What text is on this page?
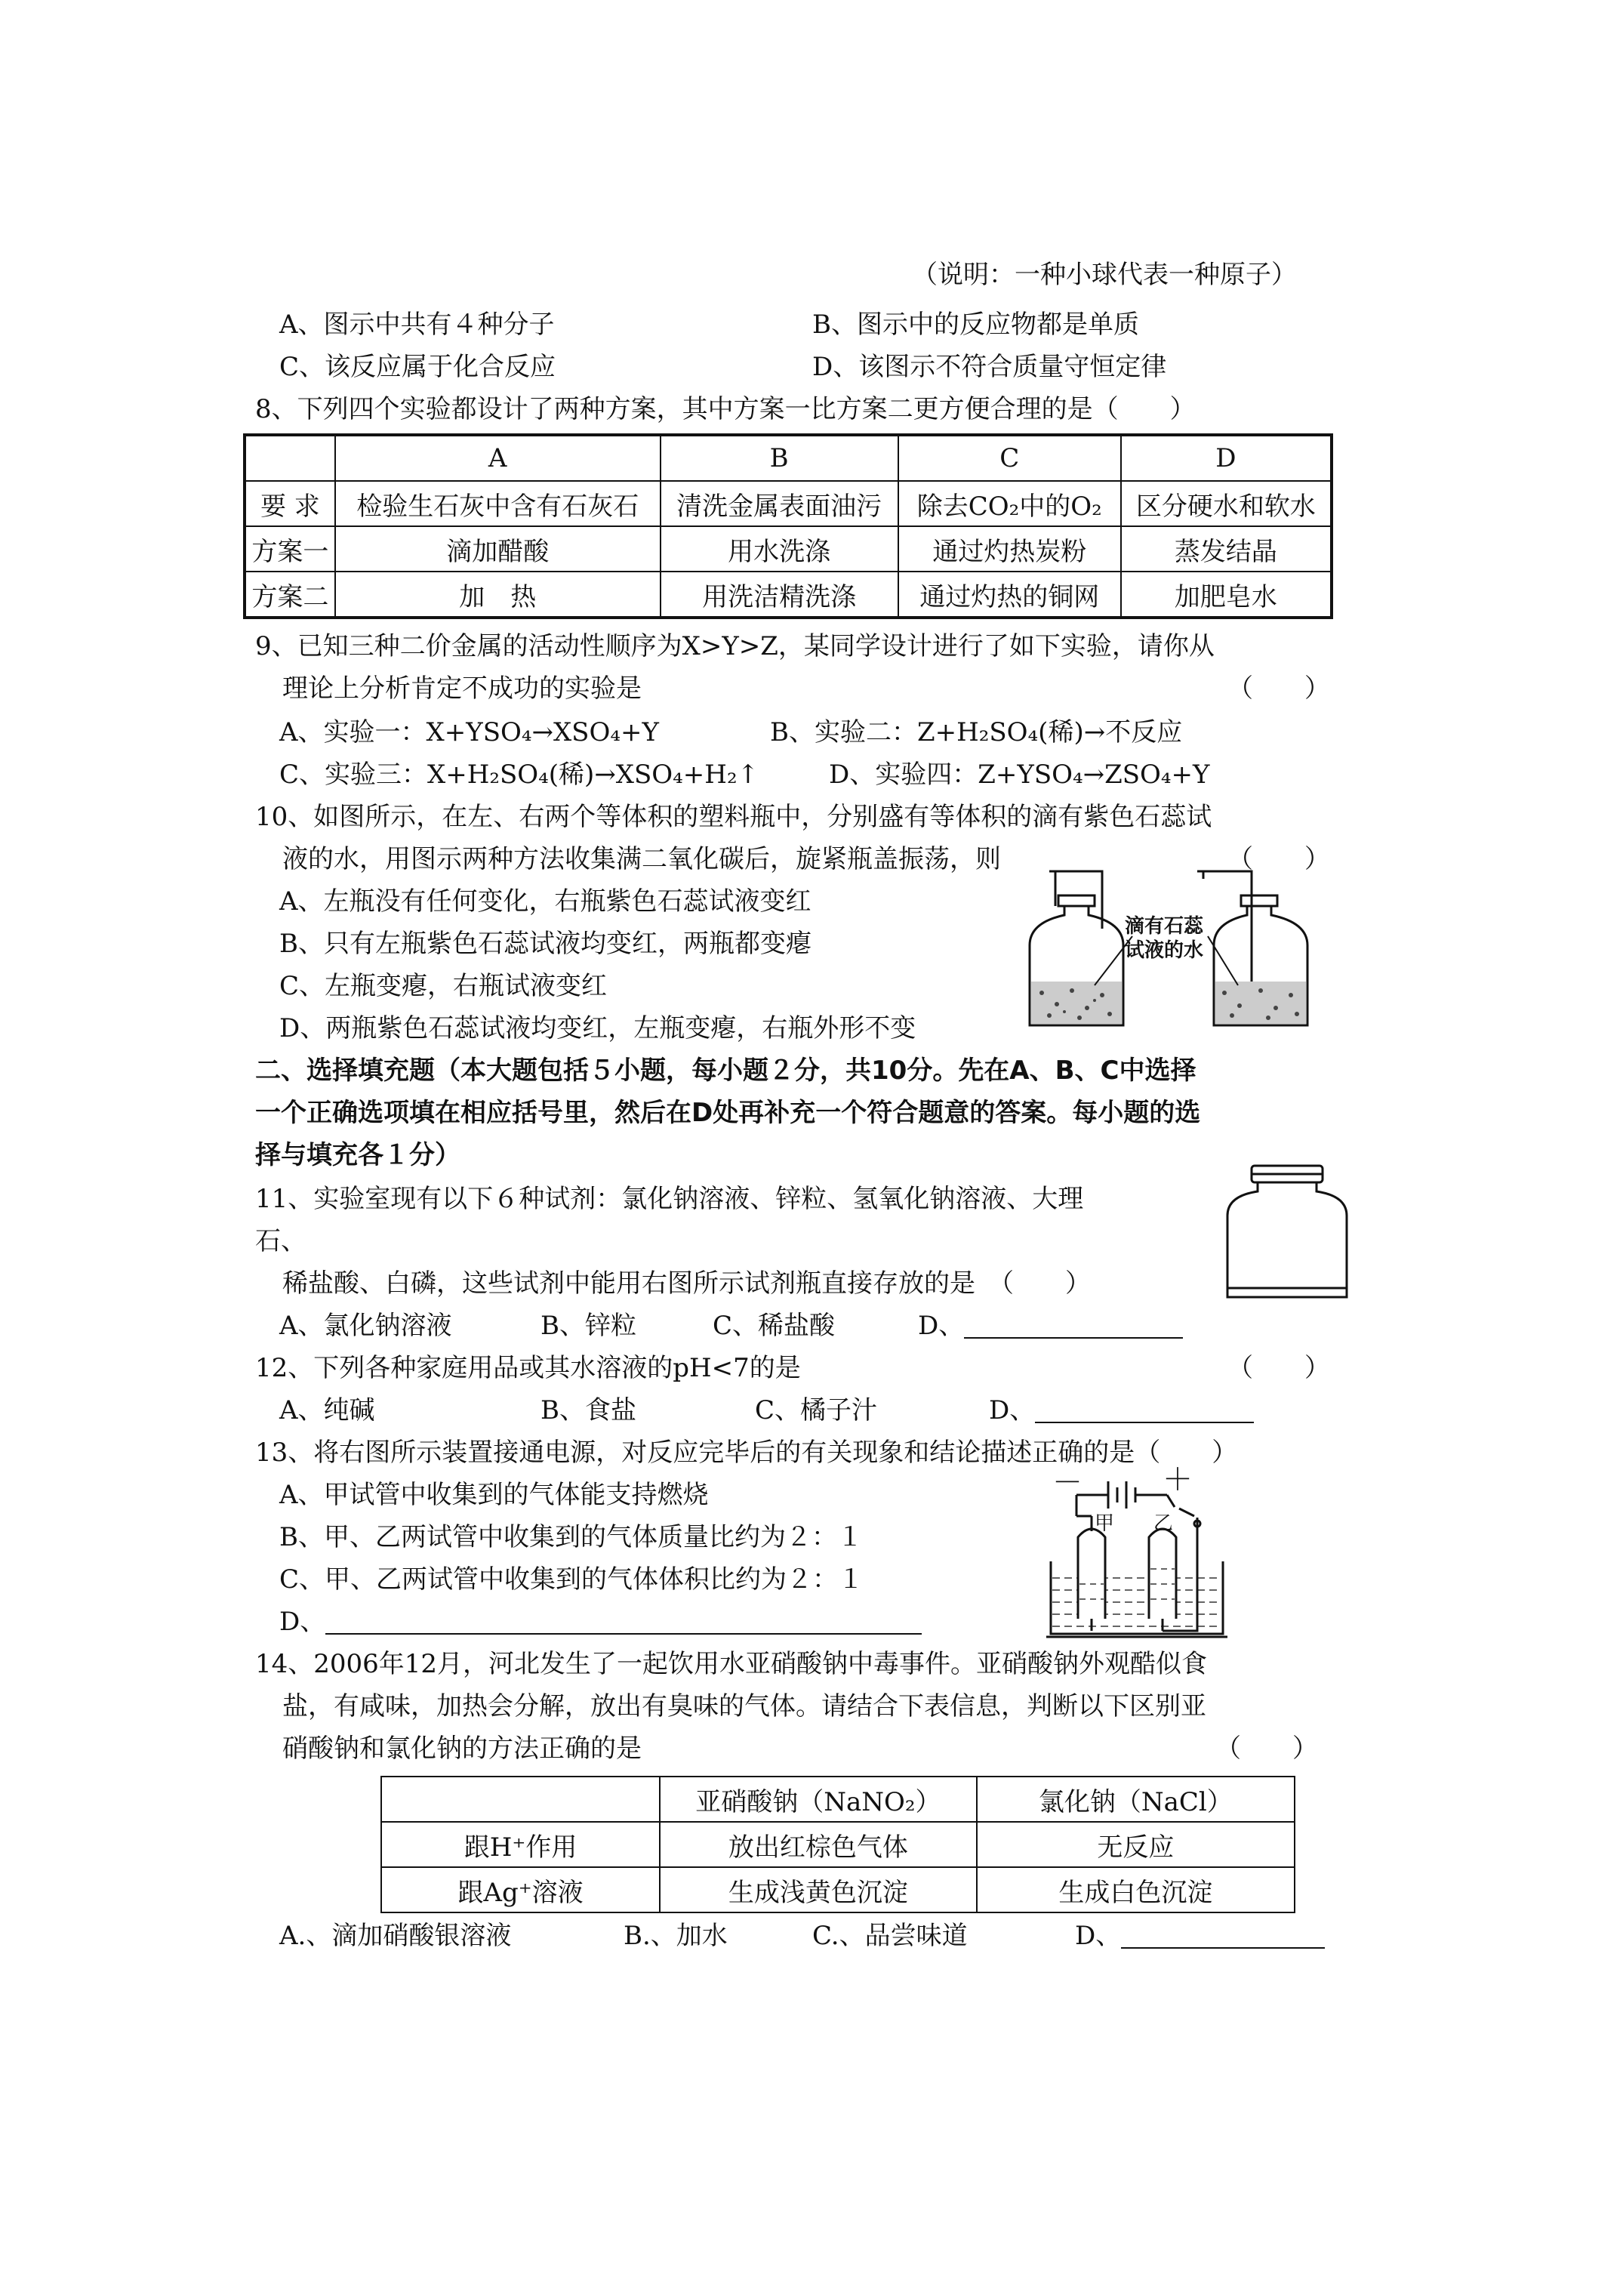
（说明：一种小球代表一种原子）
A、图示中共有４种分子	B、图示中的反应物都是单质
C、该反应属于化合反应	D、该图示不符合质量守恒定律
8、下列四个实验都设计了两种方案，其中方案一比方案二更方便合理的是（　　）
	A	B	C	D
要 求	检验生石灰中含有石灰石	清洗金属表面油污	除去CO₂中的O₂	区分硬水和软水
方案一	滴加醋酸	用水洗涤	通过灼热炭粉	蒸发结晶
方案二	加　热	用洗洁精洗涤	通过灼热的铜网	加肥皂水
9、已知三种二价金属的活动性顺序为X>Y>Z，某同学设计进行了如下实验，请你从
理论上分析肯定不成功的实验是	（　　）
A、实验一：X+YSO₄→XSO₄+Y	B、实验二：Z+H₂SO₄(稀)→不反应
C、实验三：X+H₂SO₄(稀)→XSO₄+H₂↑	D、实验四：Z+YSO₄→ZSO₄+Y
10、如图所示，在左、右两个等体积的塑料瓶中，分别盛有等体积的滴有紫色石蕊试
液的水，用图示两种方法收集满二氧化碳后，旋紧瓶盖振荡，则	（　　）
A、左瓶没有任何变化，右瓶紫色石蕊试液变红
B、只有左瓶紫色石蕊试液均变红，两瓶都变瘪
C、左瓶变瘪，右瓶试液变红
D、两瓶紫色石蕊试液均变红，左瓶变瘪，右瓶外形不变
滴有石蕊
试液的水
二、选择填充题（本大题包括５小题，每小题２分，共10分。先在A、B、C中选择
一个正确选项填在相应括号里，然后在D处再补充一个符合题意的答案。每小题的选
择与填充各１分）
11、实验室现有以下６种试剂：氯化钠溶液、锌粒、氢氧化钠溶液、大理
石、
稀盐酸、白磷，这些试剂中能用右图所示试剂瓶直接存放的是　（　　）
A、氯化钠溶液	B、锌粒	C、稀盐酸	D、
12、下列各种家庭用品或其水溶液的pH<7的是	（　　）
A、纯碱	B、食盐	C、橘子汁	D、
13、将右图所示装置接通电源，对反应完毕后的有关现象和结论描述正确的是（　　）
A、甲试管中收集到的气体能支持燃烧
B、甲、乙两试管中收集到的气体质量比约为２：１
C、甲、乙两试管中收集到的气体体积比约为２：１
D、
－	＋
甲 乙
14、2006年12月，河北发生了一起饮用水亚硝酸钠中毒事件。亚硝酸钠外观酷似食
盐，有咸味，加热会分解，放出有臭味的气体。请结合下表信息，判断以下区别亚
硝酸钠和氯化钠的方法正确的是	（　　）
	亚硝酸钠（NaNO₂）	氯化钠（NaCl）
跟H⁺作用	放出红棕色气体	无反应
跟Ag⁺溶液	生成浅黄色沉淀	生成白色沉淀
A.、滴加硝酸银溶液	B.、加水	C.、品尝味道	D、
